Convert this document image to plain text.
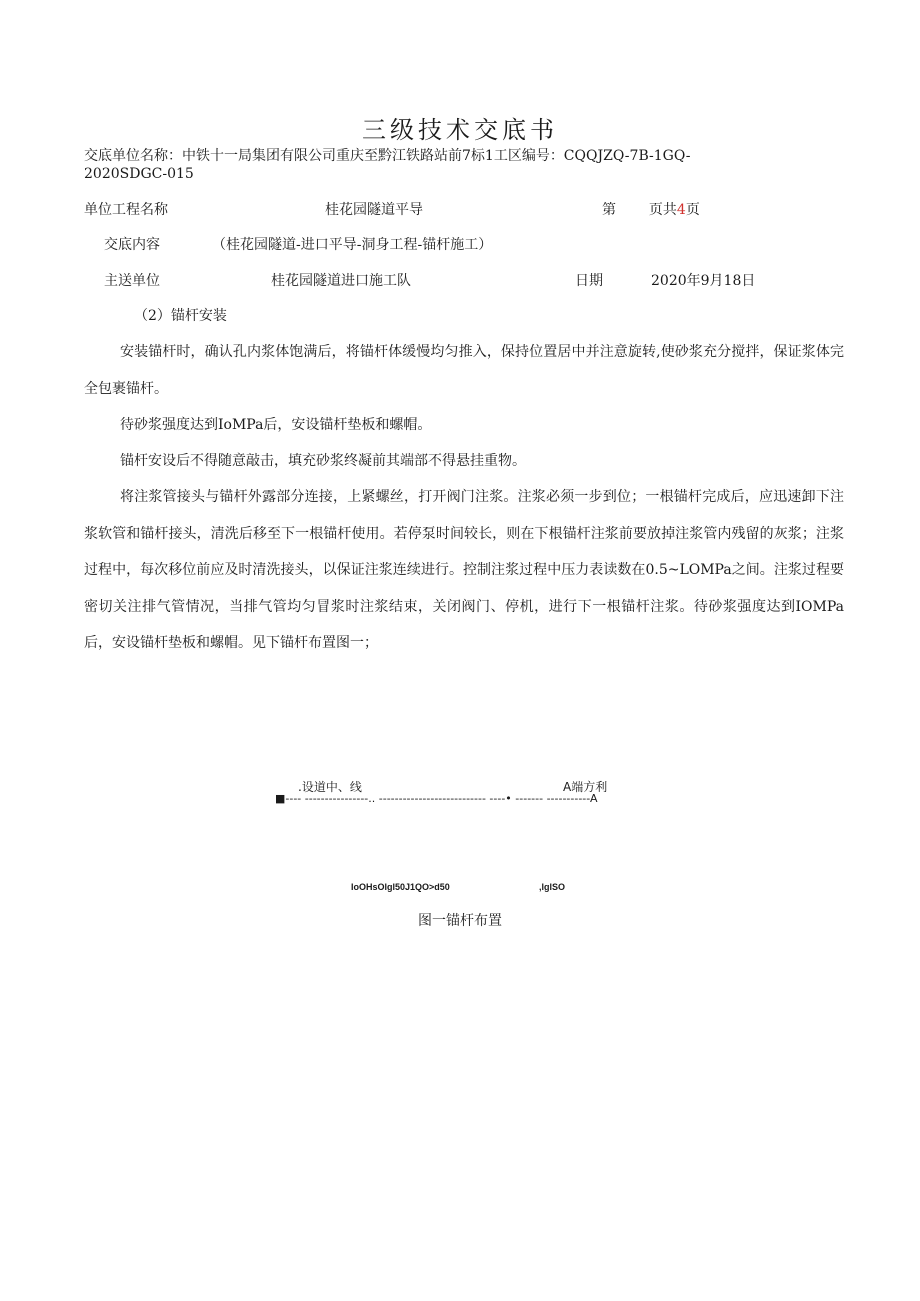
三级技术交底书
交底单位名称：中铁十一局集团有限公司重庆至黔江铁路站前7标1工区编号：CQQJZQ-7B-1GQ-
2020SDGC-015
单位工程名称	桂花园隧道平导	第 页共4页
交底内容	（桂花园隧道-进口平导-洞身工程-锚杆施工）
主送单位	桂花园隧道进口施工队	日期	2020年9月18日
（2）锚杆安装
安装锚杆时，确认孔内浆体饱满后，将锚杆体缓慢均匀推入，保持位置居中并注意旋转,使砂浆充分搅拌，保证浆体完全包裹锚杆。
待砂浆强度达到IoMPa后，安设锚杆垫板和螺帽。
锚杆安设后不得随意敲击，填充砂浆终凝前其端部不得悬挂重物。
将注浆管接头与锚杆外露部分连接，上紧螺丝，打开阀门注浆。注浆必须一步到位；一根锚杆完成后，应迅速卸下注浆软管和锚杆接头，清洗后移至下一根锚杆使用。若停泵时间较长，则在下根锚杆注浆前要放掉注浆管内残留的灰浆；注浆过程中，每次移位前应及时清洗接头，以保证注浆连续进行。控制注浆过程中压力表读数在0.5~LOMPa之间。注浆过程要密切关注排气管情况，当排气管均匀冒浆时注浆结束，关闭阀门、停机，进行下一根锚杆注浆。待砂浆强度达到IOMPa后，安设锚杆垫板和螺帽。见下锚杆布置图一；
.设道中、线	A端方利
■---- ----------------.. --------------------------- ----• ------- -----------A
IoOHsOlgl50J1QO>d50	,lglSO
图一锚杆布置
